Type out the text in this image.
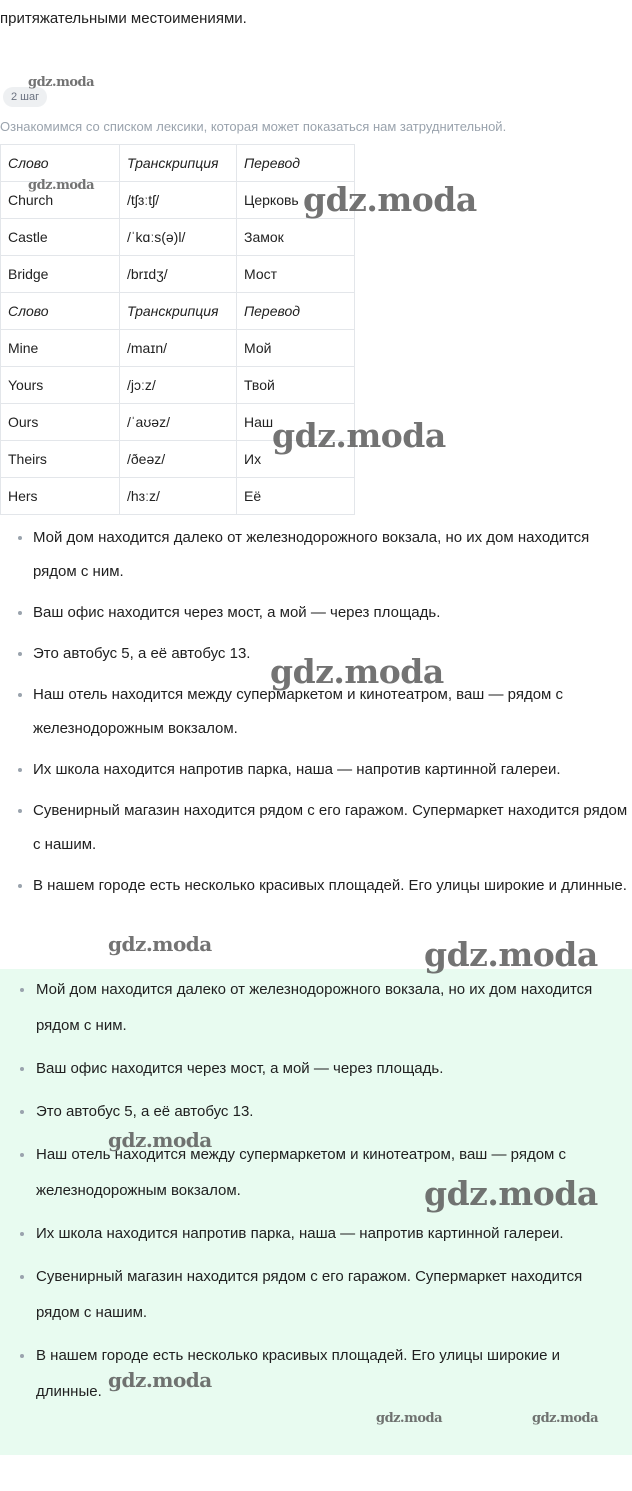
притяжательными местоимениями.

2 шаг

Ознакомимся со списком лексики, которая может показаться нам затруднительной.

Слово	Транскрипция	Перевод
Church	/tʃɜːtʃ/	Церковь
Castle	/ˈkɑːs(ə)l/	Замок
Bridge	/brɪdʒ/	Мост
Слово	Транскрипция	Перевод
Mine	/maɪn/	Мой
Yours	/jɔːz/	Твой
Ours	/ˈaʊəz/	Наш
Theirs	/ðeəz/	Их
Hers	/hɜːz/	Её
Мой дом находится далеко от железнодорожного вокзала, но их дом находится рядом с ним.
Ваш офис находится через мост, а мой — через площадь.
Это автобус 5, а её автобус 13.
Наш отель находится между супермаркетом и кинотеатром, ваш — рядом с железнодорожным вокзалом.
Их школа находится напротив парка, наша — напротив картинной галереи.
Сувенирный магазин находится рядом с его гаражом. Супермаркет находится рядом с нашим.
В нашем городе есть несколько красивых площадей. Его улицы широкие и длинные.
Мой дом находится далеко от железнодорожного вокзала, но их дом находится рядом с ним.
Ваш офис находится через мост, а мой — через площадь.
Это автобус 5, а её автобус 13.
Наш отель находится между супермаркетом и кинотеатром, ваш — рядом с железнодорожным вокзалом.
Их школа находится напротив парка, наша — напротив картинной галереи.
Сувенирный магазин находится рядом с его гаражом. Супермаркет находится рядом с нашим.
В нашем городе есть несколько красивых площадей. Его улицы широкие и длинные.
gdz.moda
gdz.moda	gdz.moda
gdz.moda
gdz.moda
gdz.moda	gdz.moda
gdz.moda
gdz.moda
gdz.moda
gdz.moda	gdz.moda
